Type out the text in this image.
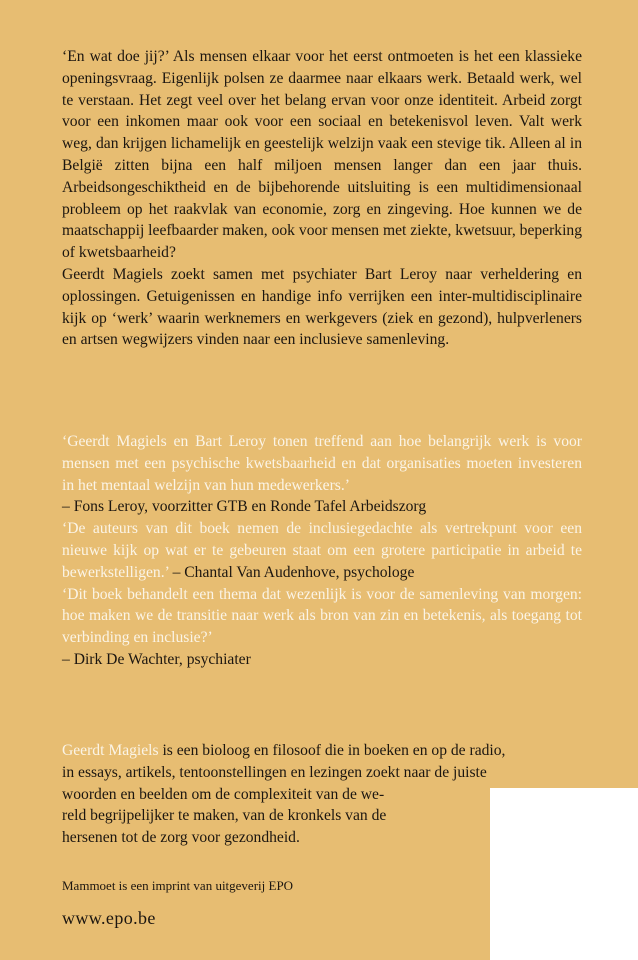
‘En wat doe jij?’ Als mensen elkaar voor het eerst ontmoeten is het een klassieke openingsvraag. Eigenlijk polsen ze daarmee naar elkaars werk. Betaald werk, wel te verstaan. Het zegt veel over het belang ervan voor onze identiteit. Arbeid zorgt voor een inkomen maar ook voor een sociaal en betekenisvol leven. Valt werk weg, dan krijgen lichamelijk en geestelijk welzijn vaak een stevige tik. Alleen al in België zitten bijna een half miljoen mensen langer dan een jaar thuis. Arbeidsongeschiktheid en de bijbehorende uitsluiting is een multidimensionaal probleem op het raakvlak van economie, zorg en zingeving. Hoe kunnen we de maatschappij leefbaarder maken, ook voor mensen met ziekte, kwetsuur, beperking of kwetsbaarheid?

Geerdt Magiels zoekt samen met psychiater Bart Leroy naar verheldering en oplossingen. Getuigenissen en handige info verrijken een inter-multidisciplinaire kijk op ‘werk’ waarin werknemers en werkgevers (ziek en gezond), hulpverleners en artsen wegwijzers vinden naar een inclusieve samenleving.

‘Geerdt Magiels en Bart Leroy tonen treffend aan hoe belangrijk werk is voor mensen met een psychische kwetsbaarheid en dat organisaties moeten investeren in het mentaal welzijn van hun medewerkers.’
– Fons Leroy, voorzitter GTB en Ronde Tafel Arbeidszorg

‘De auteurs van dit boek nemen de inclusiegedachte als vertrekpunt voor een nieuwe kijk op wat er te gebeuren staat om een grotere participatie in arbeid te bewerkstelligen.’ – Chantal Van Audenhove, psychologe

‘Dit boek behandelt een thema dat wezenlijk is voor de samenleving van morgen: hoe maken we de transitie naar werk als bron van zin en betekenis, als toegang tot verbinding en inclusie?’
– Dirk De Wachter, psychiater

Geerdt Magiels is een bioloog en filosoof die in boeken en op de radio,
in essays, artikels, tentoonstellingen en lezingen zoekt naar de juiste
woorden en beelden om de complexiteit van de we-
reld begrijpelijker te maken, van de kronkels van de
hersenen tot de zorg voor gezondheid.

Mammoet is een imprint van uitgeverij EPO

www.epo.be
